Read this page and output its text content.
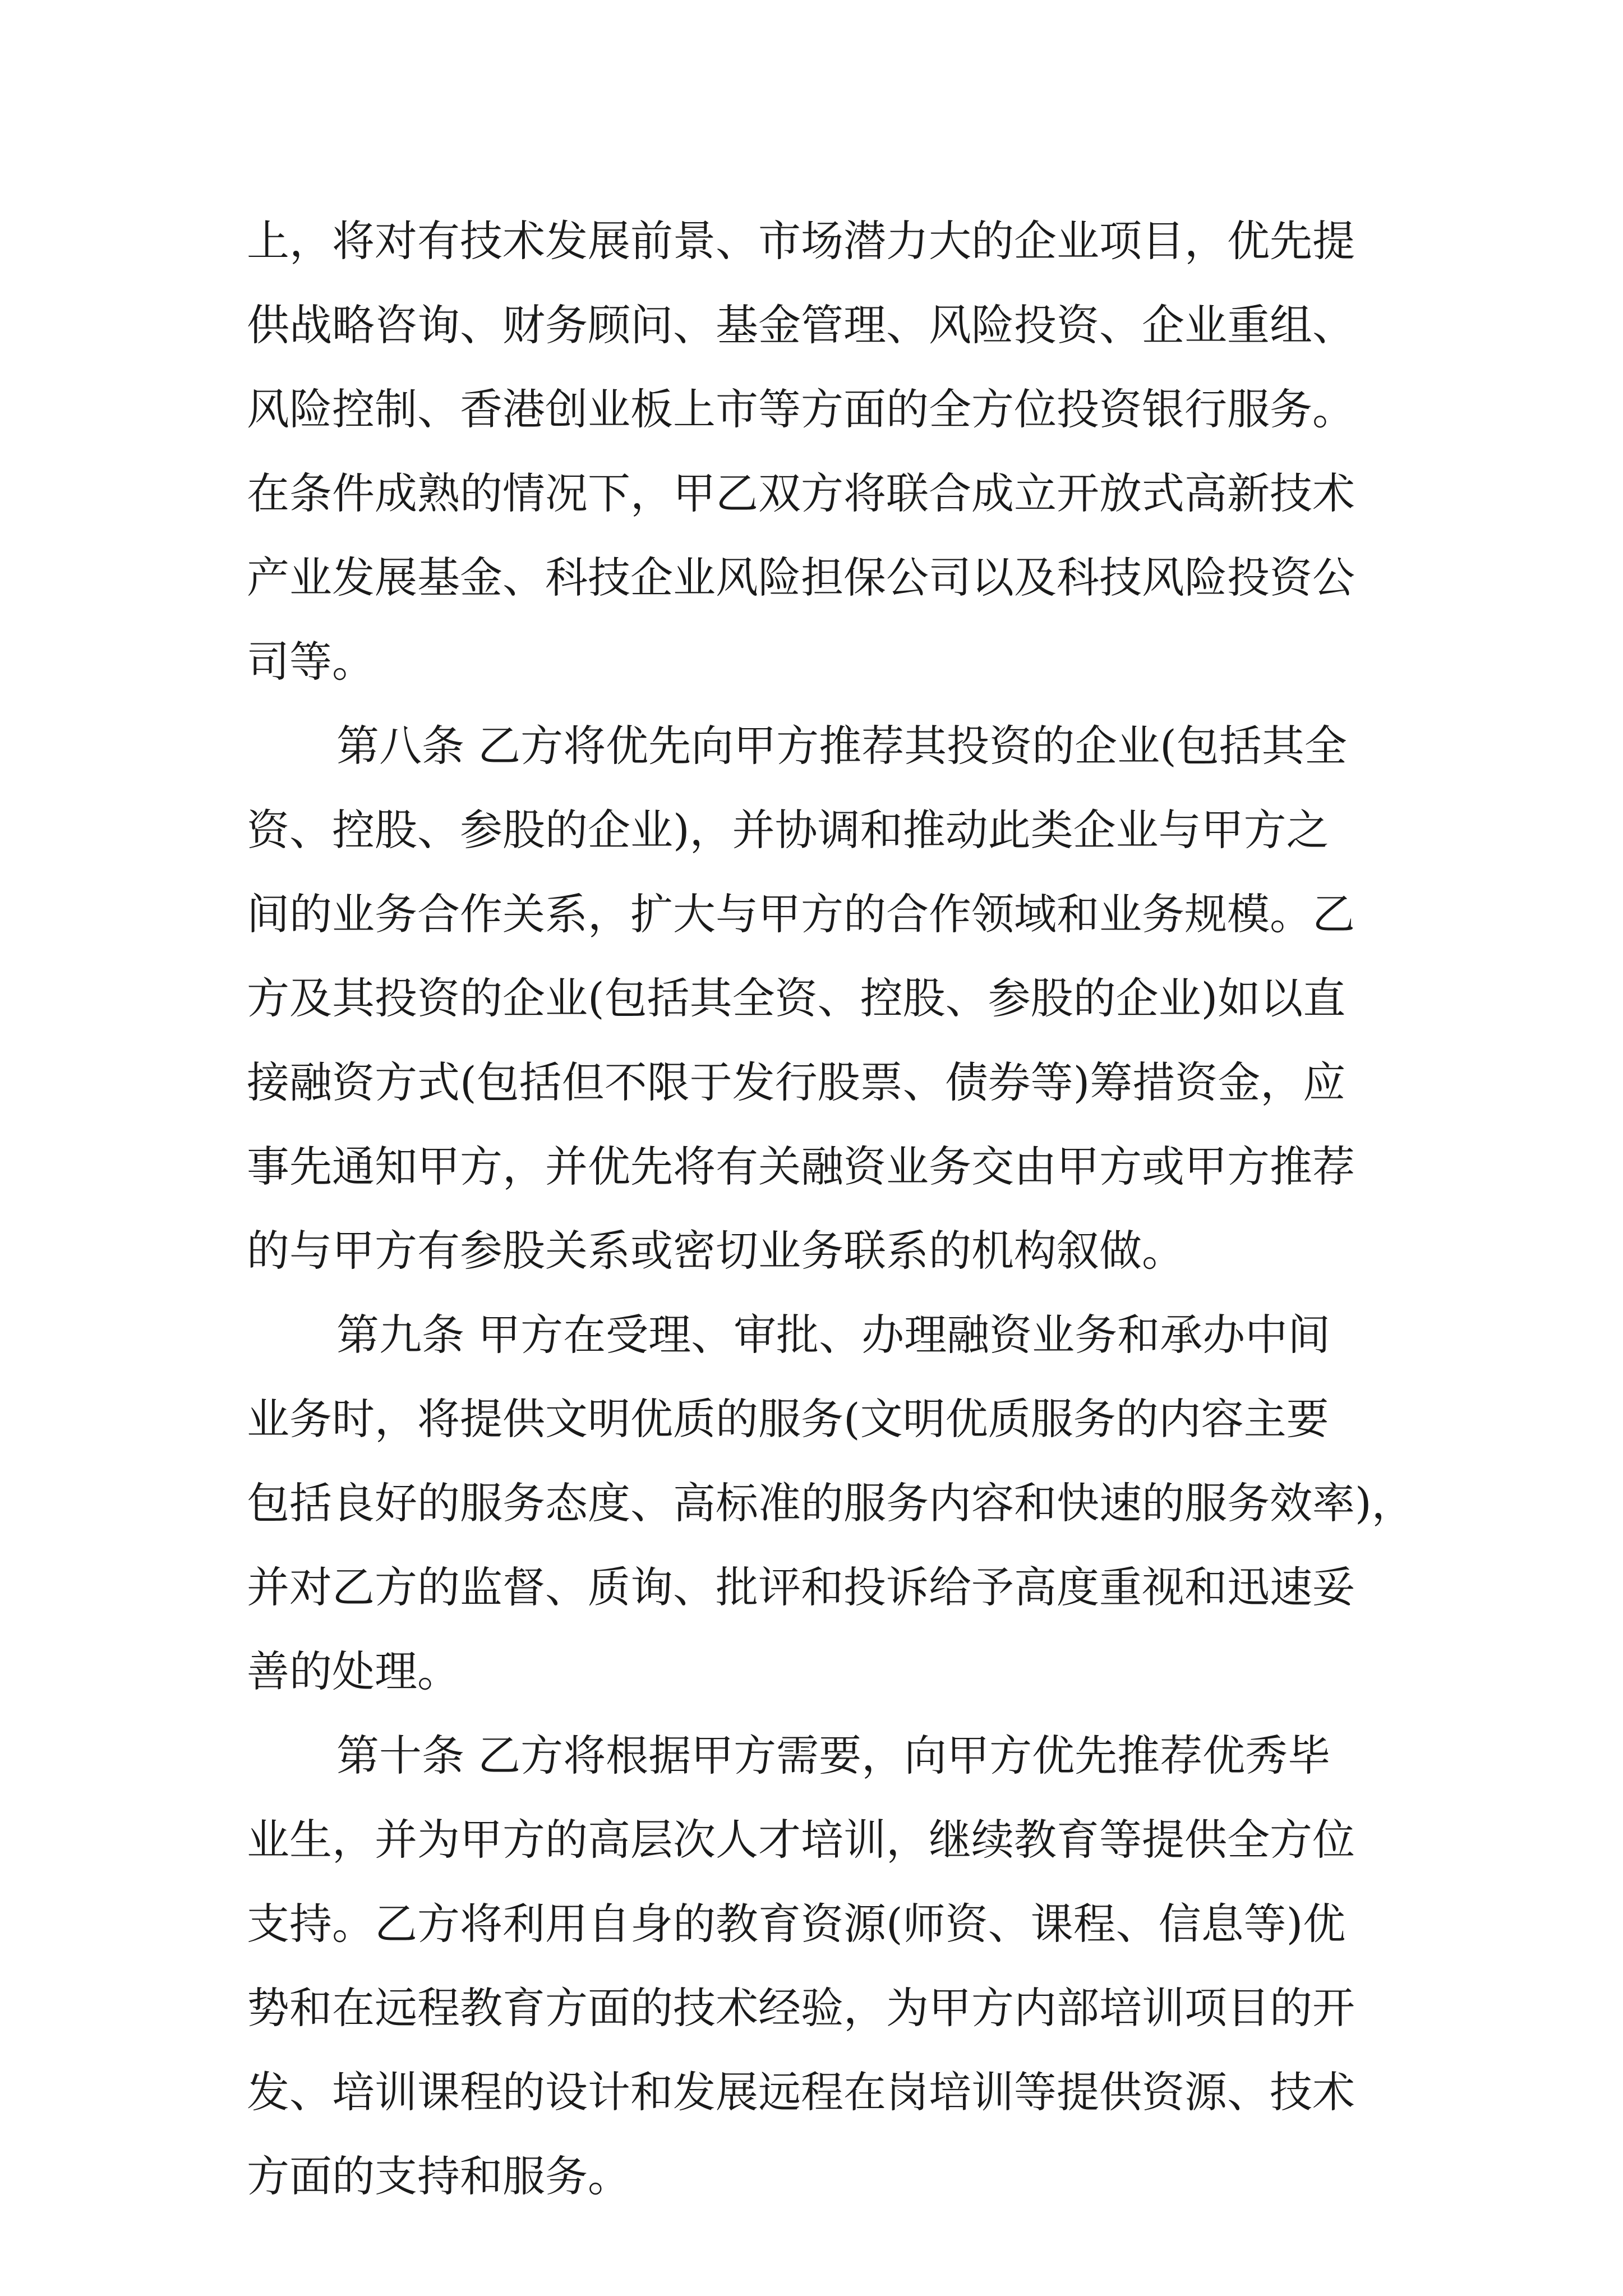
上，将对有技术发展前景、市场潜力大的企业项目，优先提
供战略咨询、财务顾问、基金管理、风险投资、企业重组、
风险控制、香港创业板上市等方面的全方位投资银行服务。
在条件成熟的情况下，甲乙双方将联合成立开放式高新技术
产业发展基金、科技企业风险担保公司以及科技风险投资公
司等。
第八条 乙方将优先向甲方推荐其投资的企业(包括其全
资、控股、参股的企业)，并协调和推动此类企业与甲方之
间的业务合作关系，扩大与甲方的合作领域和业务规模。乙
方及其投资的企业(包括其全资、控股、参股的企业)如以直
接融资方式(包括但不限于发行股票、债券等)筹措资金，应
事先通知甲方，并优先将有关融资业务交由甲方或甲方推荐
的与甲方有参股关系或密切业务联系的机构叙做。
第九条 甲方在受理、审批、办理融资业务和承办中间
业务时，将提供文明优质的服务(文明优质服务的内容主要
包括良好的服务态度、高标准的服务内容和快速的服务效率)，
并对乙方的监督、质询、批评和投诉给予高度重视和迅速妥
善的处理。
第十条 乙方将根据甲方需要，向甲方优先推荐优秀毕
业生，并为甲方的高层次人才培训，继续教育等提供全方位
支持。乙方将利用自身的教育资源(师资、课程、信息等)优
势和在远程教育方面的技术经验，为甲方内部培训项目的开
发、培训课程的设计和发展远程在岗培训等提供资源、技术
方面的支持和服务。
